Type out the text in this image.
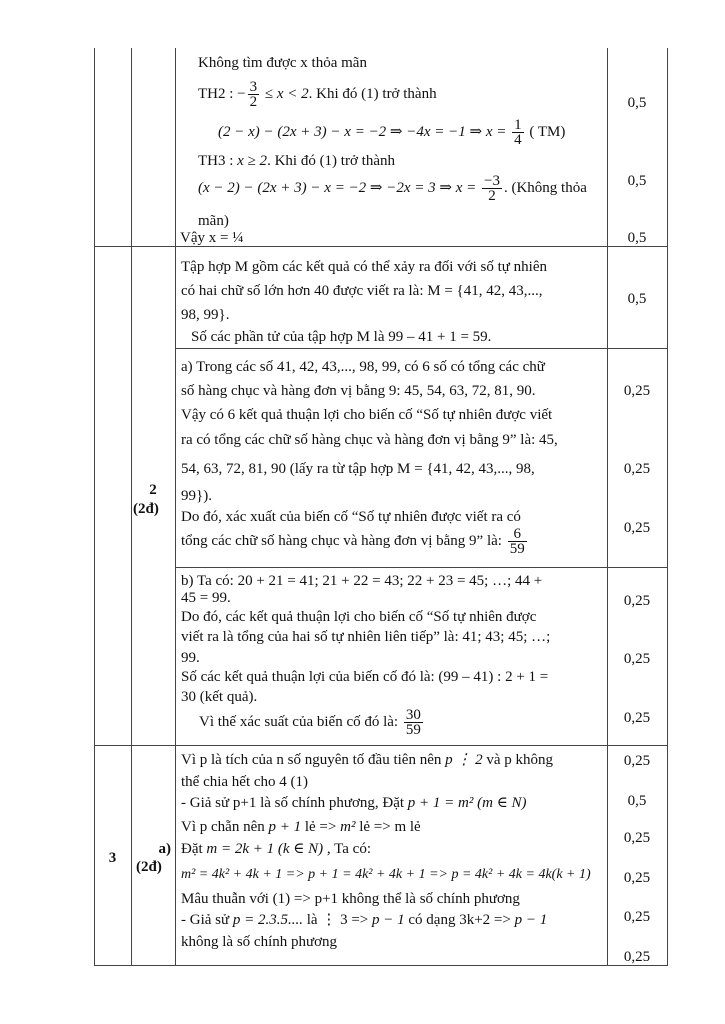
Không tìm được x thỏa mãn
TH2 : − $\frac{3}{2} \le x < 2$. Khi đó (1) trở thành
(2 − x) − (2x + 3) − x = −2 ⇒ −4x = −1 ⇒ $x = \frac{1}{4}$ ( TM)
TH3 : x ≥ 2. Khi đó (1) trở thành
(x − 2) − (2x + 3) − x = −2 ⇒ −2x = 3 ⇒ $x = \frac{-3}{2}$ . (Không thỏa
mãn)
Vậy x = ¼
0,5
0,5
0,5
2
(2đ)
Tập hợp M gồm các kết quả có thể xảy ra đối với số tự nhiên
có hai chữ số lớn hơn 40 được viết ra là: M = {41, 42, 43,...,
98, 99}.
Số các phần tử của tập hợp M là 99 – 41 + 1 = 59.
0,5
a) Trong các số 41, 42, 43,..., 98, 99, có 6 số có tổng các chữ
số hàng chục và hàng đơn vị bằng 9: 45, 54, 63, 72, 81, 90.
Vậy có 6 kết quả thuận lợi cho biến cố “Số tự nhiên được viết
ra có tổng các chữ số hàng chục và hàng đơn vị bằng 9” là: 45,
54, 63, 72, 81, 90 (lấy ra từ tập hợp M = {41, 42, 43,..., 98,
99}).
Do đó, xác xuất của biến cố “Số tự nhiên được viết ra có
tổng các chữ số hàng chục và hàng đơn vị bằng 9” là: $\frac{6}{59}$
0,25
0,25
0,25
b) Ta có: 20 + 21 = 41; 21 + 22 = 43; 22 + 23 = 45; …; 44 +
45 = 99.
Do đó, các kết quả thuận lợi cho biến cố “Số tự nhiên được
viết ra là tổng của hai số tự nhiên liên tiếp” là: 41; 43; 45; …;
99.
Số các kết quả thuận lợi của biến cố đó là: (99 – 41) : 2 + 1 =
30 (kết quả).
Vì thế xác suất của biến cố đó là: $\frac{30}{59}$
0,25
0,25
0,25
3
a)
(2đ)
Vì p là tích của n số nguyên tố đầu tiên nên p ⋮ 2 và p không
thể chia hết cho 4 (1)
- Giả sử p+1 là số chính phương, Đặt p + 1 = m² (m ∈ N)
Vì p chẵn nên p + 1 lẻ => m² lẻ => m lẻ
Đặt m = 2k + 1 (k ∈ N) , Ta có:
m² = 4k² + 4k + 1 => p + 1 = 4k² + 4k + 1 => p = 4k² + 4k = 4k(k + 1)
Mâu thuẫn với (1) => p+1 không thể là số chính phương
- Giả sử p = 2.3.5.... là ⋮ 3 => p − 1 có dạng 3k+2 => p − 1
không là số chính phương
0,25
0,5
0,25
0,25
0,25
0,25
